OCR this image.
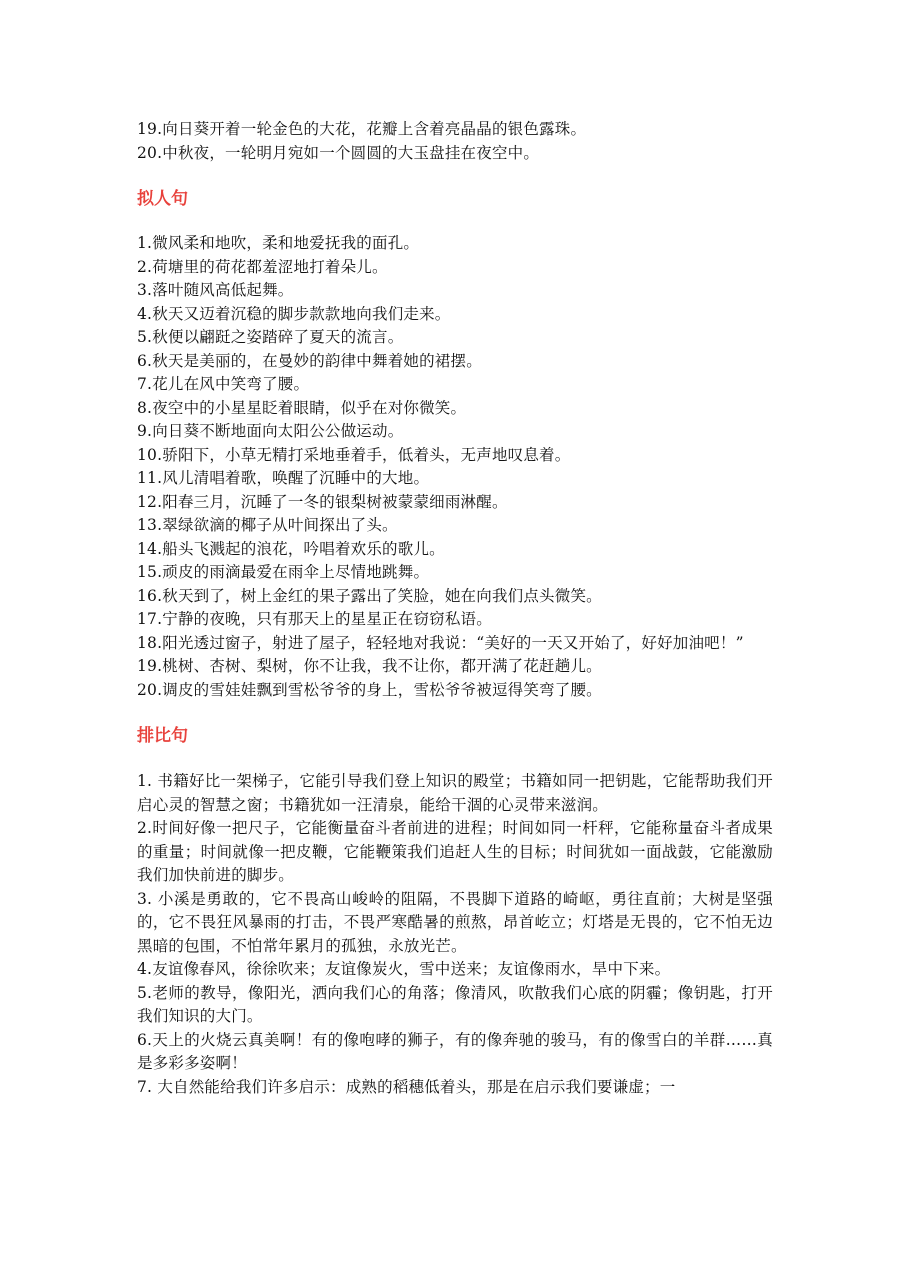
19.向日葵开着一轮金色的大花，花瓣上含着亮晶晶的银色露珠。
20.中秋夜，一轮明月宛如一个圆圆的大玉盘挂在夜空中。
拟人句
1.微风柔和地吹，柔和地爱抚我的面孔。
2.荷塘里的荷花都羞涩地打着朵儿。
3.落叶随风高低起舞。
4.秋天又迈着沉稳的脚步款款地向我们走来。
5.秋便以翩跹之姿踏碎了夏天的流言。
6.秋天是美丽的，在曼妙的韵律中舞着她的裙摆。
7.花儿在风中笑弯了腰。
8.夜空中的小星星眨着眼睛，似乎在对你微笑。
9.向日葵不断地面向太阳公公做运动。
10.骄阳下，小草无精打采地垂着手，低着头，无声地叹息着。
11.风儿清唱着歌，唤醒了沉睡中的大地。
12.阳春三月，沉睡了一冬的银梨树被蒙蒙细雨淋醒。
13.翠绿欲滴的椰子从叶间探出了头。
14.船头飞溅起的浪花，吟唱着欢乐的歌儿。
15.顽皮的雨滴最爱在雨伞上尽情地跳舞。
16.秋天到了，树上金红的果子露出了笑脸，她在向我们点头微笑。
17.宁静的夜晚，只有那天上的星星正在窃窃私语。
18.阳光透过窗子，射进了屋子，轻轻地对我说：“美好的一天又开始了，好好加油吧！”
19.桃树、杏树、梨树，你不让我，我不让你，都开满了花赶趟儿。
20.调皮的雪娃娃飘到雪松爷爷的身上，雪松爷爷被逗得笑弯了腰。
排比句
1. 书籍好比一架梯子，它能引导我们登上知识的殿堂；书籍如同一把钥匙，它能帮助我们开启心灵的智慧之窗；书籍犹如一汪清泉，能给干涸的心灵带来滋润。
2.时间好像一把尺子，它能衡量奋斗者前进的进程；时间如同一杆秤，它能称量奋斗者成果的重量；时间就像一把皮鞭，它能鞭策我们追赶人生的目标；时间犹如一面战鼓，它能激励我们加快前进的脚步。
3. 小溪是勇敢的，它不畏高山峻岭的阻隔，不畏脚下道路的崎岖，勇往直前；大树是坚强的，它不畏狂风暴雨的打击，不畏严寒酷暑的煎熬，昂首屹立；灯塔是无畏的，它不怕无边黑暗的包围，不怕常年累月的孤独，永放光芒。
4.友谊像春风，徐徐吹来；友谊像炭火，雪中送来；友谊像雨水，旱中下来。
5.老师的教导，像阳光，洒向我们心的角落；像清风，吹散我们心底的阴霾；像钥匙，打开我们知识的大门。
6.天上的火烧云真美啊！有的像咆哮的狮子，有的像奔驰的骏马，有的像雪白的羊群……真是多彩多姿啊！
7. 大自然能给我们许多启示：成熟的稻穗低着头，那是在启示我们要谦虚；一
